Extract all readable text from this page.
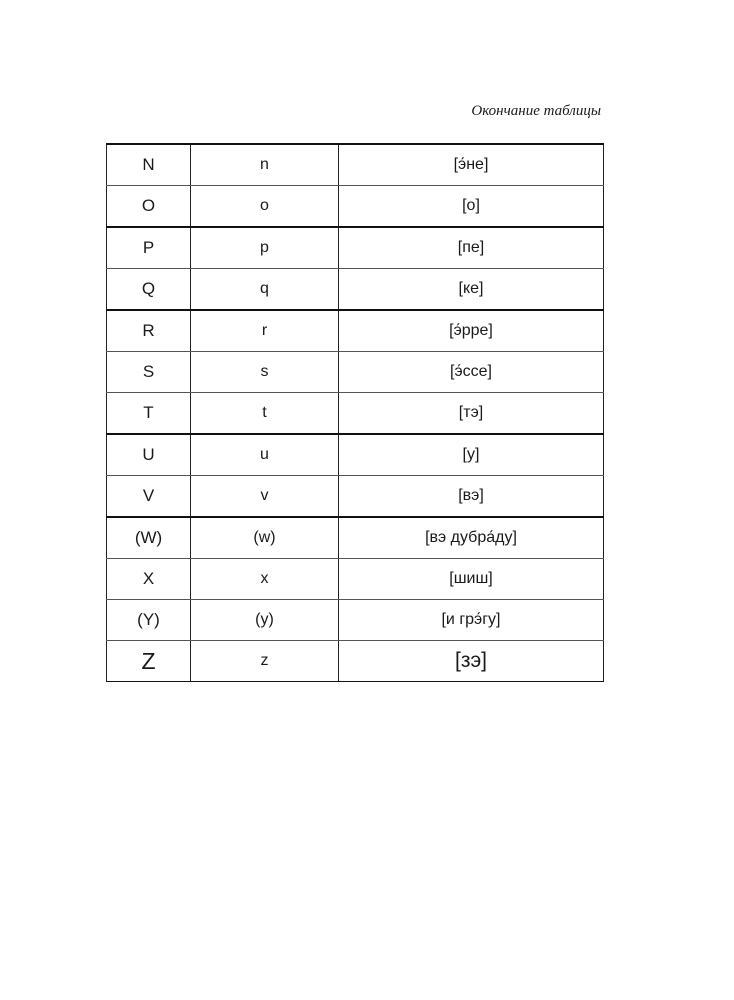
Окончание таблицы
N	n	[э́не]
O	o	[о]
P	p	[пе]
Q	q	[ке]
R	r	[э́рре]
S	s	[э́ссе]
T	t	[тэ]
U	u	[у]
V	v	[вэ]
(W)	(w)	[вэ дубра́ду]
X	x	[шиш]
(Y)	(y)	[и грэ́гу]
Z	z	[зэ]
